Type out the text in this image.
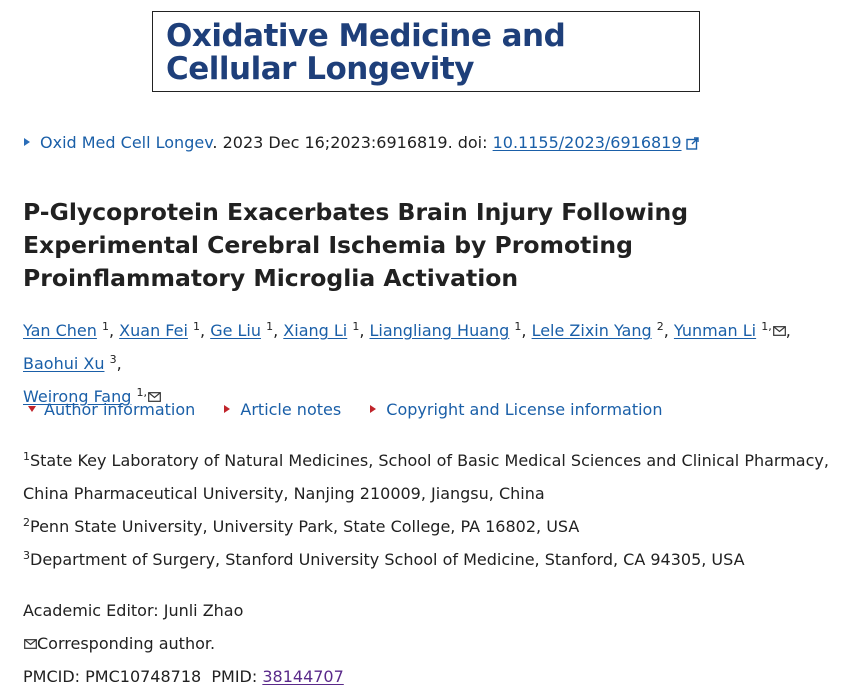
Oxidative Medicine and
Cellular Longevity
Oxid Med Cell Longev. 2023 Dec 16;2023:6916819. doi: 10.1155/2023/6916819
P-Glycoprotein Exacerbates Brain Injury Following Experimental Cerebral Ischemia by Promoting Proinflammatory Microglia Activation
Yan Chen $^1$, Xuan Fei $^1$, Ge Liu $^1$, Xiang Li $^1$, Liangliang Huang $^1$, Lele Zixin Yang $^2$, Yunman Li $^{1,}$ , Baohui Xu $^3$,
Weirong Fang $^{1,}$
Author information	Article notes	Copyright and License information

$^1$State Key Laboratory of Natural Medicines, School of Basic Medical Sciences and Clinical Pharmacy, China Pharmaceutical University, Nanjing 210009, Jiangsu, China

$^2$Penn State University, University Park, State College, PA 16802, USA

$^3$Department of Surgery, Stanford University School of Medicine, Stanford, CA 94305, USA

Academic Editor: Junli Zhao

Corresponding author.

PMCID: PMC10748718 PMID: 38144707
